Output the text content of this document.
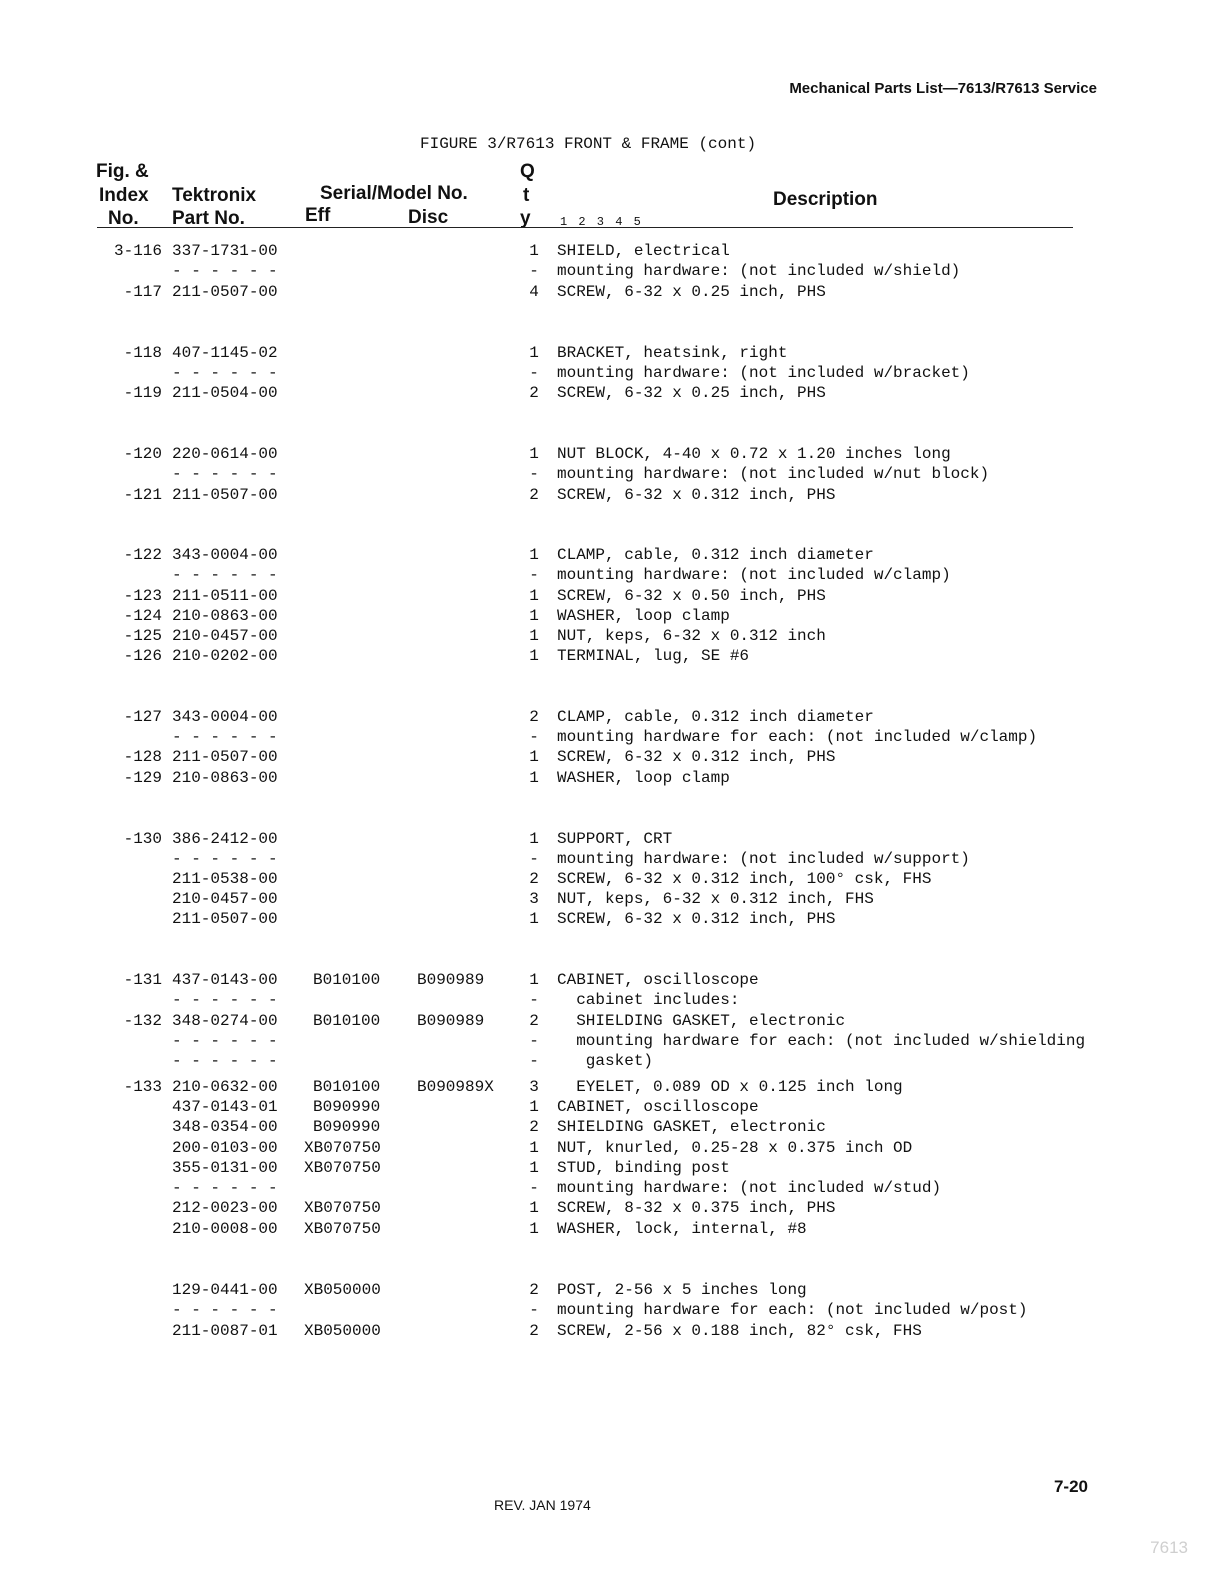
Mechanical Parts List—7613/R7613 Service
FIGURE 3/R7613 FRONT & FRAME (cont)
Fig. &
Index
No.
Tektronix
Part No.
Serial/Model No.
Eff	Disc
Q
t
y
Description
1 2 3 4 5
3-116 337-1731-00	1 SHIELD, electrical
- - - - - -	- mounting hardware: (not included w/shield)
-117 211-0507-00	4 SCREW, 6-32 x 0.25 inch, PHS
-118 407-1145-02	1 BRACKET, heatsink, right
- - - - - -	- mounting hardware: (not included w/bracket)
-119 211-0504-00	2 SCREW, 6-32 x 0.25 inch, PHS
-120 220-0614-00	1 NUT BLOCK, 4-40 x 0.72 x 1.20 inches long
- - - - - -	- mounting hardware: (not included w/nut block)
-121 211-0507-00	2 SCREW, 6-32 x 0.312 inch, PHS
-122 343-0004-00	1 CLAMP, cable, 0.312 inch diameter
- - - - - -	- mounting hardware: (not included w/clamp)
-123 211-0511-00	1 SCREW, 6-32 x 0.50 inch, PHS
-124 210-0863-00	1 WASHER, loop clamp
-125 210-0457-00	1 NUT, keps, 6-32 x 0.312 inch
-126 210-0202-00	1 TERMINAL, lug, SE #6
-127 343-0004-00	2 CLAMP, cable, 0.312 inch diameter
- - - - - -	- mounting hardware for each: (not included w/clamp)
-128 211-0507-00	1 SCREW, 6-32 x 0.312 inch, PHS
-129 210-0863-00	1 WASHER, loop clamp
-130 386-2412-00	1 SUPPORT, CRT
- - - - - -	- mounting hardware: (not included w/support)
211-0538-00	2 SCREW, 6-32 x 0.312 inch, 100° csk, FHS
210-0457-00	3 NUT, keps, 6-32 x 0.312 inch, FHS
211-0507-00	1 SCREW, 6-32 x 0.312 inch, PHS
-131 437-0143-00 B010100 B090989	1 CABINET, oscilloscope
- - - - - -	- cabinet includes:
-132 348-0274-00 B010100 B090989	2 SHIELDING GASKET, electronic
- - - - - -	- mounting hardware for each: (not included w/shielding
- - - - - -	- gasket)
-133 210-0632-00 B010100 B090989X 3 EYELET, 0.089 OD x 0.125 inch long
437-0143-01 B090990	1 CABINET, oscilloscope
348-0354-00 B090990	2 SHIELDING GASKET, electronic
200-0103-00 XB070750	1 NUT, knurled, 0.25-28 x 0.375 inch OD
355-0131-00 XB070750	1 STUD, binding post
- - - - - -	- mounting hardware: (not included w/stud)
212-0023-00 XB070750	1 SCREW, 8-32 x 0.375 inch, PHS
210-0008-00 XB070750	1 WASHER, lock, internal, #8
129-0441-00 XB050000	2 POST, 2-56 x 5 inches long
- - - - - -	- mounting hardware for each: (not included w/post)
211-0087-01 XB050000	2 SCREW, 2-56 x 0.188 inch, 82° csk, FHS
7-20
REV. JAN 1974
7613
